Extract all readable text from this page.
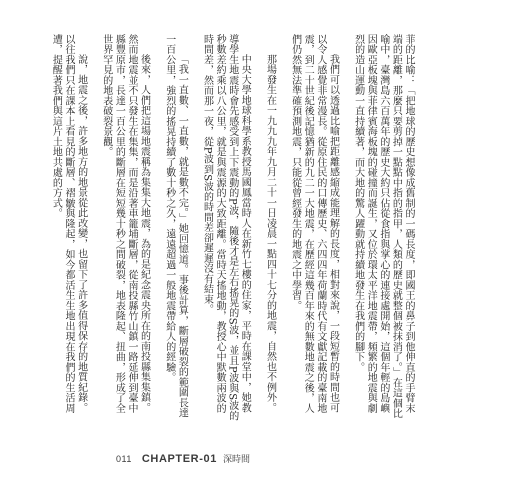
菲的比喻：「把地球的歷史想像成舊制的一碼長度，即國王的鼻子到他伸直的手臂末端的距離，那麼只要剪掉一點點中指的指甲，人類的歷史就整個被抹消了。」在這個比喻中，臺灣島六百萬年的歷史大約只佔從食指與掌心的連接處開始，這個年輕的島嶼因歐亞板塊與菲律賓海板塊的碰撞而誕生，又位於環太平洋地震帶，頻繁的地震與劇烈的造山運動一直持續著，而大地的驚人躍動就持續地發生在我們的腳下。

我們可以透過比喻把距離感縮成能理解的長度，相對來說，一段短暫的時間也可以令人感覺非常漫長。從原住民的口傳歷史、六四四年荷蘭時代有文獻記載的臺南地震，到二十世紀後記憶猶新的九二一大地震，在歷經這幾百年來的無數地震之後，人們仍然無法準確預測地震，只能從曾經發生的地震之中學習。

那場發生在一九九九年九月二十一日凌晨一點四十七分的地震，自然也不例外。

中央大學地球科學系教授馬國鳳當時人在新竹七樓的住家，平時在課堂中，她教導學生地震時會先感受到上下震動的P波，隨後才是左右搖晃的S波，並且P波與S波的秒數差約乘以八公里，就是與震源的大致距離。當時天搖地動，教授心中默數兩波的時間差，然而那一夜，從P波到S波的時間差卻遲遲沒有結束。

「我一直數、一直數，就是數不完。」她回憶道。事後計算，斷層破裂的範圍長達一百公里，強烈的搖晃持續了數十秒之久，遠遠超過一般地震帶給人的經驗。

後來，人們把這場地震稱為集集大地震，為的是紀念震央所在的南投縣集集鎮。然而地震並不只發生在集集，而是沿著車籠埔斷層，從南投縣竹山鎮一路延伸到臺中縣豐原市，長達一百公里的斷層在短短幾十秒之間破裂，地表隆起、扭曲，形成了全世界罕見的地表破裂景觀。

說，地震之後，許多地方的地景從此改變，也留下了許多值得保存的地質紀錄。以往我們只在課本上看見的斷層、褶皺與隆起，如今都活生生地出現在我們的生活周遭，提醒著我們與這片土地共處的方式。

011 CHAPTER-01 深時間
